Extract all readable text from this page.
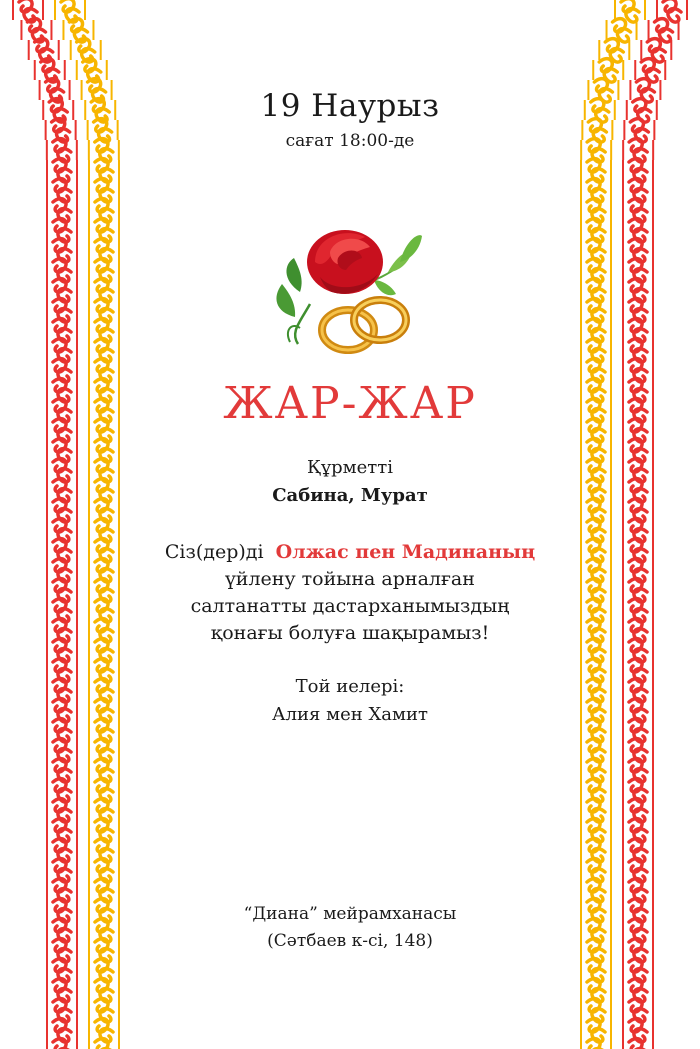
19 Наурыз
сағат 18:00-де
ЖАР-ЖАР
Құрметті
Сабина, Мурат
Сіз(дер)ді Олжас пен Мадинаның
үйлену тойына арналған
салтанатты дастарханымыздың
қонағы болуға шақырамыз!
Той иелері:
Алия мен Хамит
“Диана” мейрамханасы
(Сәтбаев к-сі, 148)
